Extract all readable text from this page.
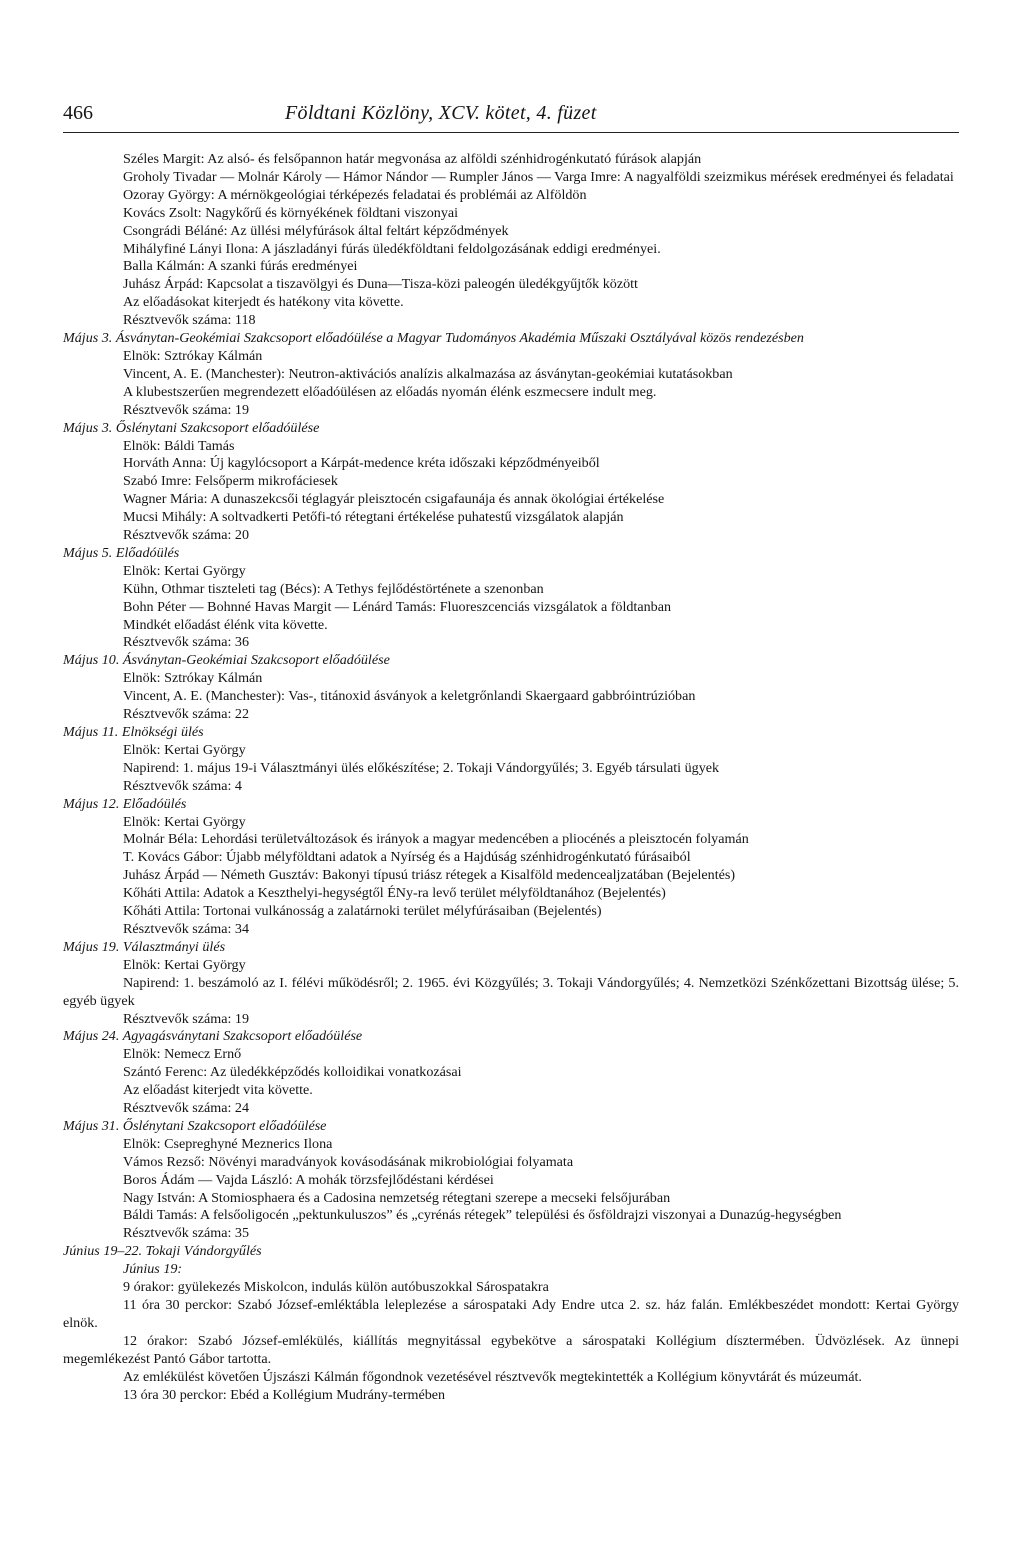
466	Földtani Közlöny, XCV. kötet, 4. füzet

Széles Margit: Az alsó- és felsőpannon határ megvonása az alföldi szénhidrogénkutató fúrások alapján

Groholy Tivadar — Molnár Károly — Hámor Nándor — Rumpler János — Varga Imre: A nagyalföldi szeizmikus mérések eredményei és feladatai

Ozoray György: A mérnökgeológiai térképezés feladatai és problémái az Alföldön

Kovács Zsolt: Nagykőrű és környékének földtani viszonyai

Csongrádi Béláné: Az üllési mélyfúrások által feltárt képződmények

Mihályfiné Lányi Ilona: A jászladányi fúrás üledékföldtani feldolgozásának eddigi eredményei.

Balla Kálmán: A szanki fúrás eredményei

Juhász Árpád: Kapcsolat a tiszavölgyi és Duna—Tisza-közi paleogén üledékgyűjtők között

Az előadásokat kiterjedt és hatékony vita követte.

Résztvevők száma: 118

Május 3. Ásványtan-Geokémiai Szakcsoport előadóülése a Magyar Tudományos Akadémia Műszaki Osztályával közös rendezésben

Elnök: Sztrókay Kálmán

Vincent, A. E. (Manchester): Neutron-aktivációs analízis alkalmazása az ásványtan-geokémiai kutatásokban

A klubestszerűen megrendezett előadóülésen az előadás nyomán élénk eszmecsere indult meg.

Résztvevők száma: 19

Május 3. Őslénytani Szakcsoport előadóülése

Elnök: Báldi Tamás

Horváth Anna: Új kagylócsoport a Kárpát-medence kréta időszaki képződményeiből

Szabó Imre: Felsőperm mikrofáciesek

Wagner Mária: A dunaszekcsői téglagyár pleisztocén csigafaunája és annak ökológiai értékelése

Mucsi Mihály: A soltvadkerti Petőfi-tó rétegtani értékelése puhatestű vizsgálatok alapján

Résztvevők száma: 20

Május 5. Előadóülés

Elnök: Kertai György

Kühn, Othmar tiszteleti tag (Bécs): A Tethys fejlődéstörténete a szenonban

Bohn Péter — Bohnné Havas Margit — Lénárd Tamás: Fluoreszcenciás vizsgálatok a földtanban

Mindkét előadást élénk vita követte.

Résztvevők száma: 36

Május 10. Ásványtan-Geokémiai Szakcsoport előadóülése

Elnök: Sztrókay Kálmán

Vincent, A. E. (Manchester): Vas-, titánoxid ásványok a keletgrőnlandi Skaergaard gabbróintrúzióban

Résztvevők száma: 22

Május 11. Elnökségi ülés

Elnök: Kertai György

Napirend: 1. május 19-i Választmányi ülés előkészítése; 2. Tokaji Vándorgyűlés; 3. Egyéb társulati ügyek

Résztvevők száma: 4

Május 12. Előadóülés

Elnök: Kertai György

Molnár Béla: Lehordási területváltozások és irányok a magyar medencében a pliocénés a pleisztocén folyamán

T. Kovács Gábor: Újabb mélyföldtani adatok a Nyírség és a Hajdúság szénhidrogénkutató fúrásaiból

Juhász Árpád — Németh Gusztáv: Bakonyi típusú triász rétegek a Kisalföld medencealjzatában (Bejelentés)

Kőháti Attila: Adatok a Keszthelyi-hegységtől ÉNy-ra levő terület mélyföldtanához (Bejelentés)

Kőháti Attila: Tortonai vulkánosság a zalatárnoki terület mélyfúrásaiban (Bejelentés)

Résztvevők száma: 34

Május 19. Választmányi ülés

Elnök: Kertai György

Napirend: 1. beszámoló az I. félévi működésről; 2. 1965. évi Közgyűlés; 3. Tokaji Vándorgyűlés; 4. Nemzetközi Szénkőzettani Bizottság ülése; 5. egyéb ügyek

Résztvevők száma: 19

Május 24. Agyagásványtani Szakcsoport előadóülése

Elnök: Nemecz Ernő

Szántó Ferenc: Az üledékképződés kolloidikai vonatkozásai

Az előadást kiterjedt vita követte.

Résztvevők száma: 24

Május 31. Őslénytani Szakcsoport előadóülése

Elnök: Csepreghyné Meznerics Ilona

Vámos Rezső: Növényi maradványok kovásodásának mikrobiológiai folyamata

Boros Ádám — Vajda László: A mohák törzsfejlődéstani kérdései

Nagy István: A Stomiosphaera és a Cadosina nemzetség rétegtani szerepe a mecseki felsőjurában

Báldi Tamás: A felsőoligocén „pektunkuluszos” és „cyrénás rétegek” települési és ősföldrajzi viszonyai a Dunazúg-hegységben

Résztvevők száma: 35

Június 19–22. Tokaji Vándorgyűlés

Június 19:

9 órakor: gyülekezés Miskolcon, indulás külön autóbuszokkal Sárospatakra

11 óra 30 perckor: Szabó József-emléktábla leleplezése a sárospataki Ady Endre utca 2. sz. ház falán. Emlékbeszédet mondott: Kertai György elnök.

12 órakor: Szabó József-emlékülés, kiállítás megnyitással egybekötve a sárospataki Kollégium dísztermében. Üdvözlések. Az ünnepi megemlékezést Pantó Gábor tartotta.

Az emlékülést követően Újszászi Kálmán főgondnok vezetésével résztvevők megtekintették a Kollégium könyvtárát és múzeumát.

13 óra 30 perckor: Ebéd a Kollégium Mudrány-termében
